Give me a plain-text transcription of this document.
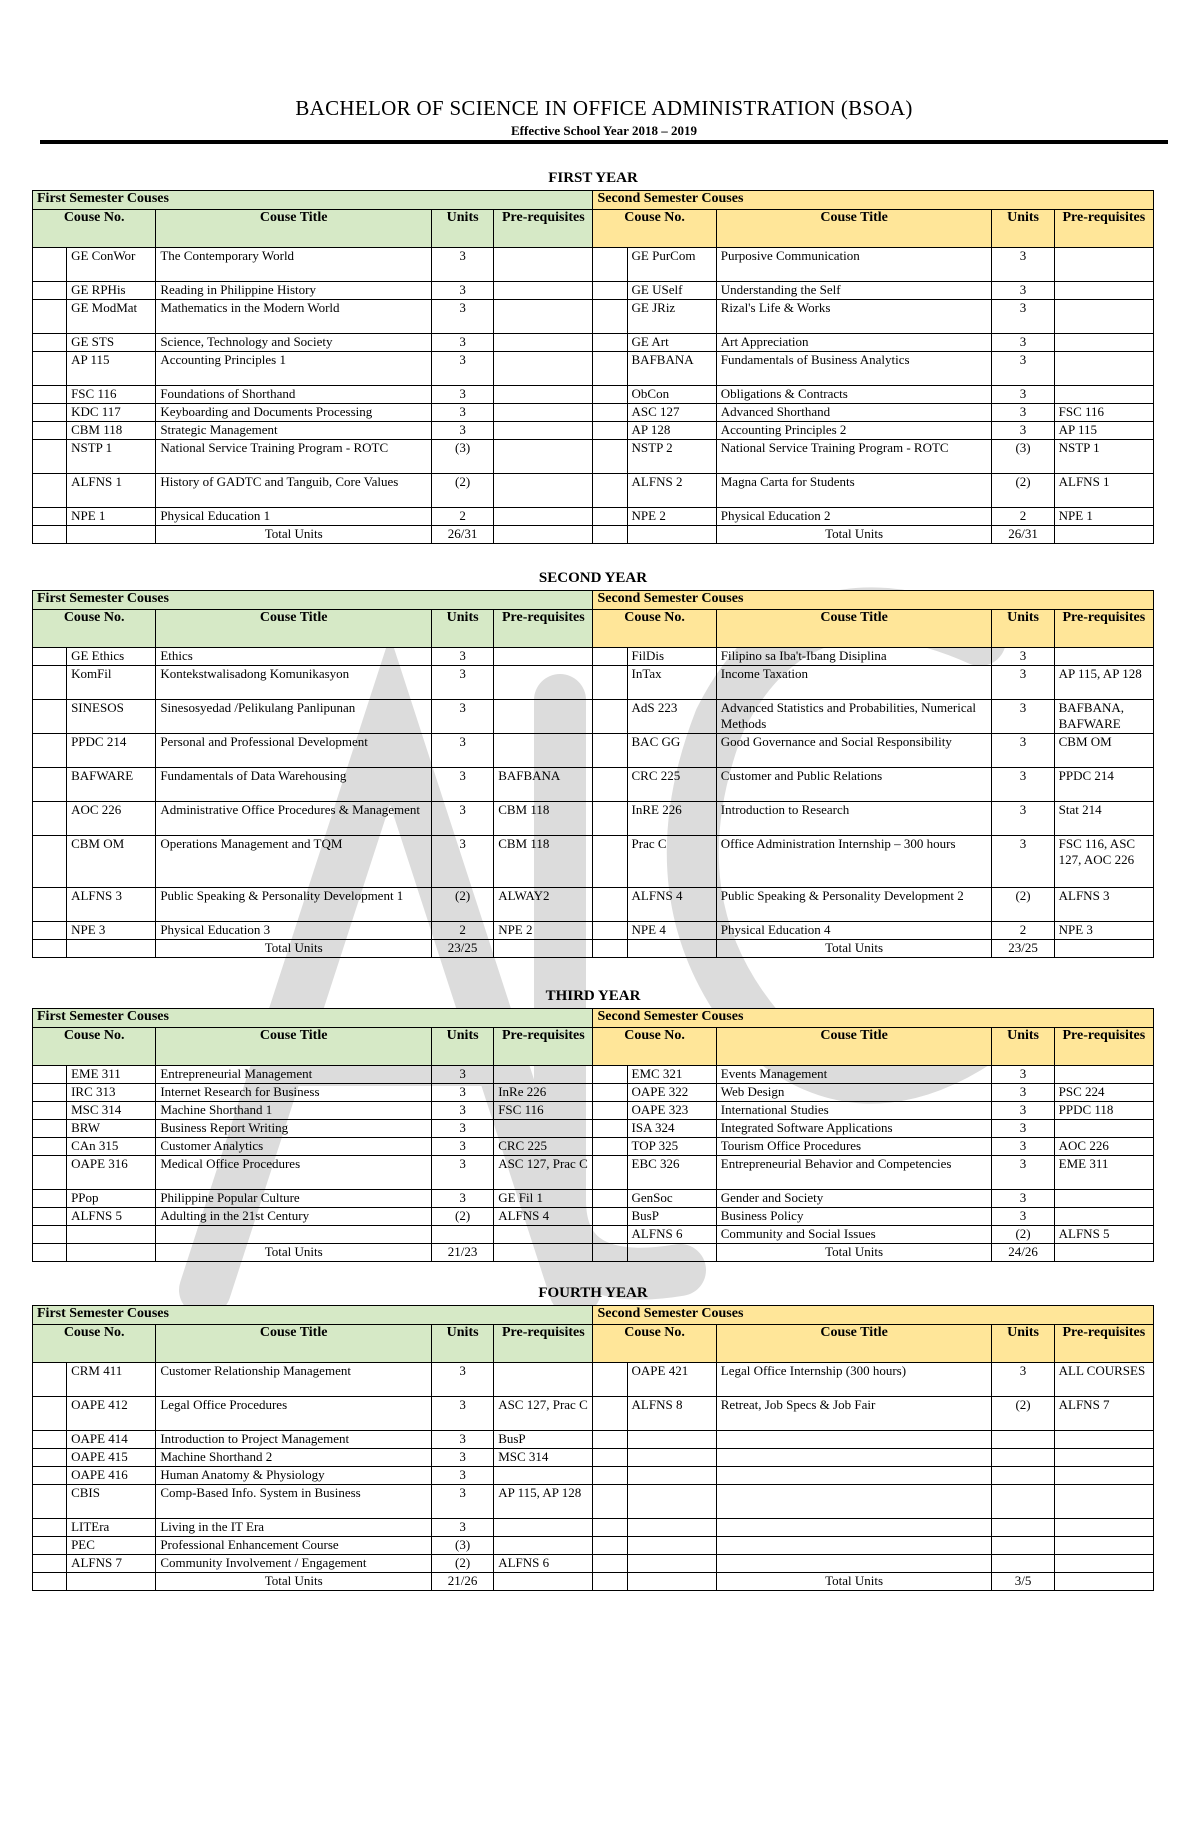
BACHELOR OF SCIENCE IN OFFICE ADMINISTRATION (BSOA)
Effective School Year 2018 – 2019
FIRST YEAR
First Semester Couses					Second Semester Couses				
Couse No.		Couse Title	Units	Pre-requisites	Couse No.		Couse Title	Units	Pre-requisites
	GE ConWor	The Contemporary World	3			GE PurCom	Purposive Communication	3	
	GE RPHis	Reading in Philippine History	3			GE USelf	Understanding the Self	3	
	GE ModMat	Mathematics in the Modern World	3			GE JRiz	Rizal's Life & Works	3	
	GE STS	Science, Technology and Society	3			GE Art	Art Appreciation	3	
	AP 115	Accounting Principles 1	3			BAFBANA	Fundamentals of Business Analytics	3	
	FSC 116	Foundations of Shorthand	3			ObCon	Obligations & Contracts	3	
	KDC 117	Keyboarding and Documents Processing	3			ASC 127	Advanced Shorthand	3	FSC 116
	CBM 118	Strategic Management	3			AP 128	Accounting Principles 2	3	AP 115
	NSTP 1	National Service Training Program - ROTC	(3)			NSTP 2	National Service Training Program - ROTC	(3)	NSTP 1
	ALFNS 1	History of GADTC and Tanguib, Core Values	(2)			ALFNS 2	Magna Carta for Students	(2)	ALFNS 1
	NPE 1	Physical Education 1	2			NPE 2	Physical Education 2	2	NPE 1
		Total Units	26/31				Total Units	26/31	
SECOND YEAR
First Semester Couses					Second Semester Couses				
Couse No.		Couse Title	Units	Pre-requisites	Couse No.		Couse Title	Units	Pre-requisites
	GE Ethics	Ethics	3			FilDis	Filipino sa Iba't-Ibang Disiplina	3	
	KomFil	Kontekstwalisadong Komunikasyon	3			InTax	Income Taxation	3	AP 115, AP 128
	SINESOS	Sinesosyedad /Pelikulang Panlipunan	3			AdS 223	Advanced Statistics and Probabilities, Numerical Methods	3	BAFBANA, BAFWARE
	PPDC 214	Personal and Professional Development	3			BAC GG	Good Governance and Social Responsibility	3	CBM OM
	BAFWARE	Fundamentals of Data Warehousing	3	BAFBANA		CRC 225	Customer and Public Relations	3	PPDC 214
	AOC 226	Administrative Office Procedures & Management	3	CBM 118		InRE 226	Introduction to Research	3	Stat 214
	CBM OM	Operations Management and TQM	3	CBM 118		Prac C	Office Administration Internship – 300 hours	3	FSC 116, ASC 127, AOC 226
	ALFNS 3	Public Speaking & Personality Development 1	(2)	ALWAY2		ALFNS 4	Public Speaking & Personality Development 2	(2)	ALFNS 3
	NPE 3	Physical Education 3	2	NPE 2		NPE 4	Physical Education 4	2	NPE 3
		Total Units	23/25				Total Units	23/25	
THIRD YEAR
First Semester Couses					Second Semester Couses				
Couse No.		Couse Title	Units	Pre-requisites	Couse No.		Couse Title	Units	Pre-requisites
	EME 311	Entrepreneurial Management	3			EMC 321	Events Management	3	
	IRC 313	Internet Research for Business	3	InRe 226		OAPE 322	Web Design	3	PSC 224
	MSC 314	Machine Shorthand 1	3	FSC 116		OAPE 323	International Studies	3	PPDC 118
	BRW	Business Report Writing	3			ISA 324	Integrated Software Applications	3	
	CAn 315	Customer Analytics	3	CRC 225		TOP 325	Tourism Office Procedures	3	AOC 226
	OAPE 316	Medical Office Procedures	3	ASC 127, Prac C		EBC 326	Entrepreneurial Behavior and Competencies	3	EME 311
	PPop	Philippine Popular Culture	3	GE Fil 1		GenSoc	Gender and Society	3	
	ALFNS 5	Adulting in the 21st Century	(2)	ALFNS 4		BusP	Business Policy	3	
						ALFNS 6	Community and Social Issues	(2)	ALFNS 5
		Total Units	21/23				Total Units	24/26	
FOURTH YEAR
First Semester Couses					Second Semester Couses				
Couse No.		Couse Title	Units	Pre-requisites	Couse No.		Couse Title	Units	Pre-requisites
	CRM 411	Customer Relationship Management	3			OAPE 421	Legal Office Internship (300 hours)	3	ALL COURSES
	OAPE 412	Legal Office Procedures	3	ASC 127, Prac C		ALFNS 8	Retreat, Job Specs & Job Fair	(2)	ALFNS 7
	OAPE 414	Introduction to Project Management	3	BusP					
	OAPE 415	Machine Shorthand 2	3	MSC 314					
	OAPE 416	Human Anatomy & Physiology	3						
	CBIS	Comp-Based Info. System in Business	3	AP 115, AP 128					
	LITEra	Living in the IT Era	3						
	PEC	Professional Enhancement Course	(3)						
	ALFNS 7	Community Involvement / Engagement	(2)	ALFNS 6					
		Total Units	21/26				Total Units	3/5	
